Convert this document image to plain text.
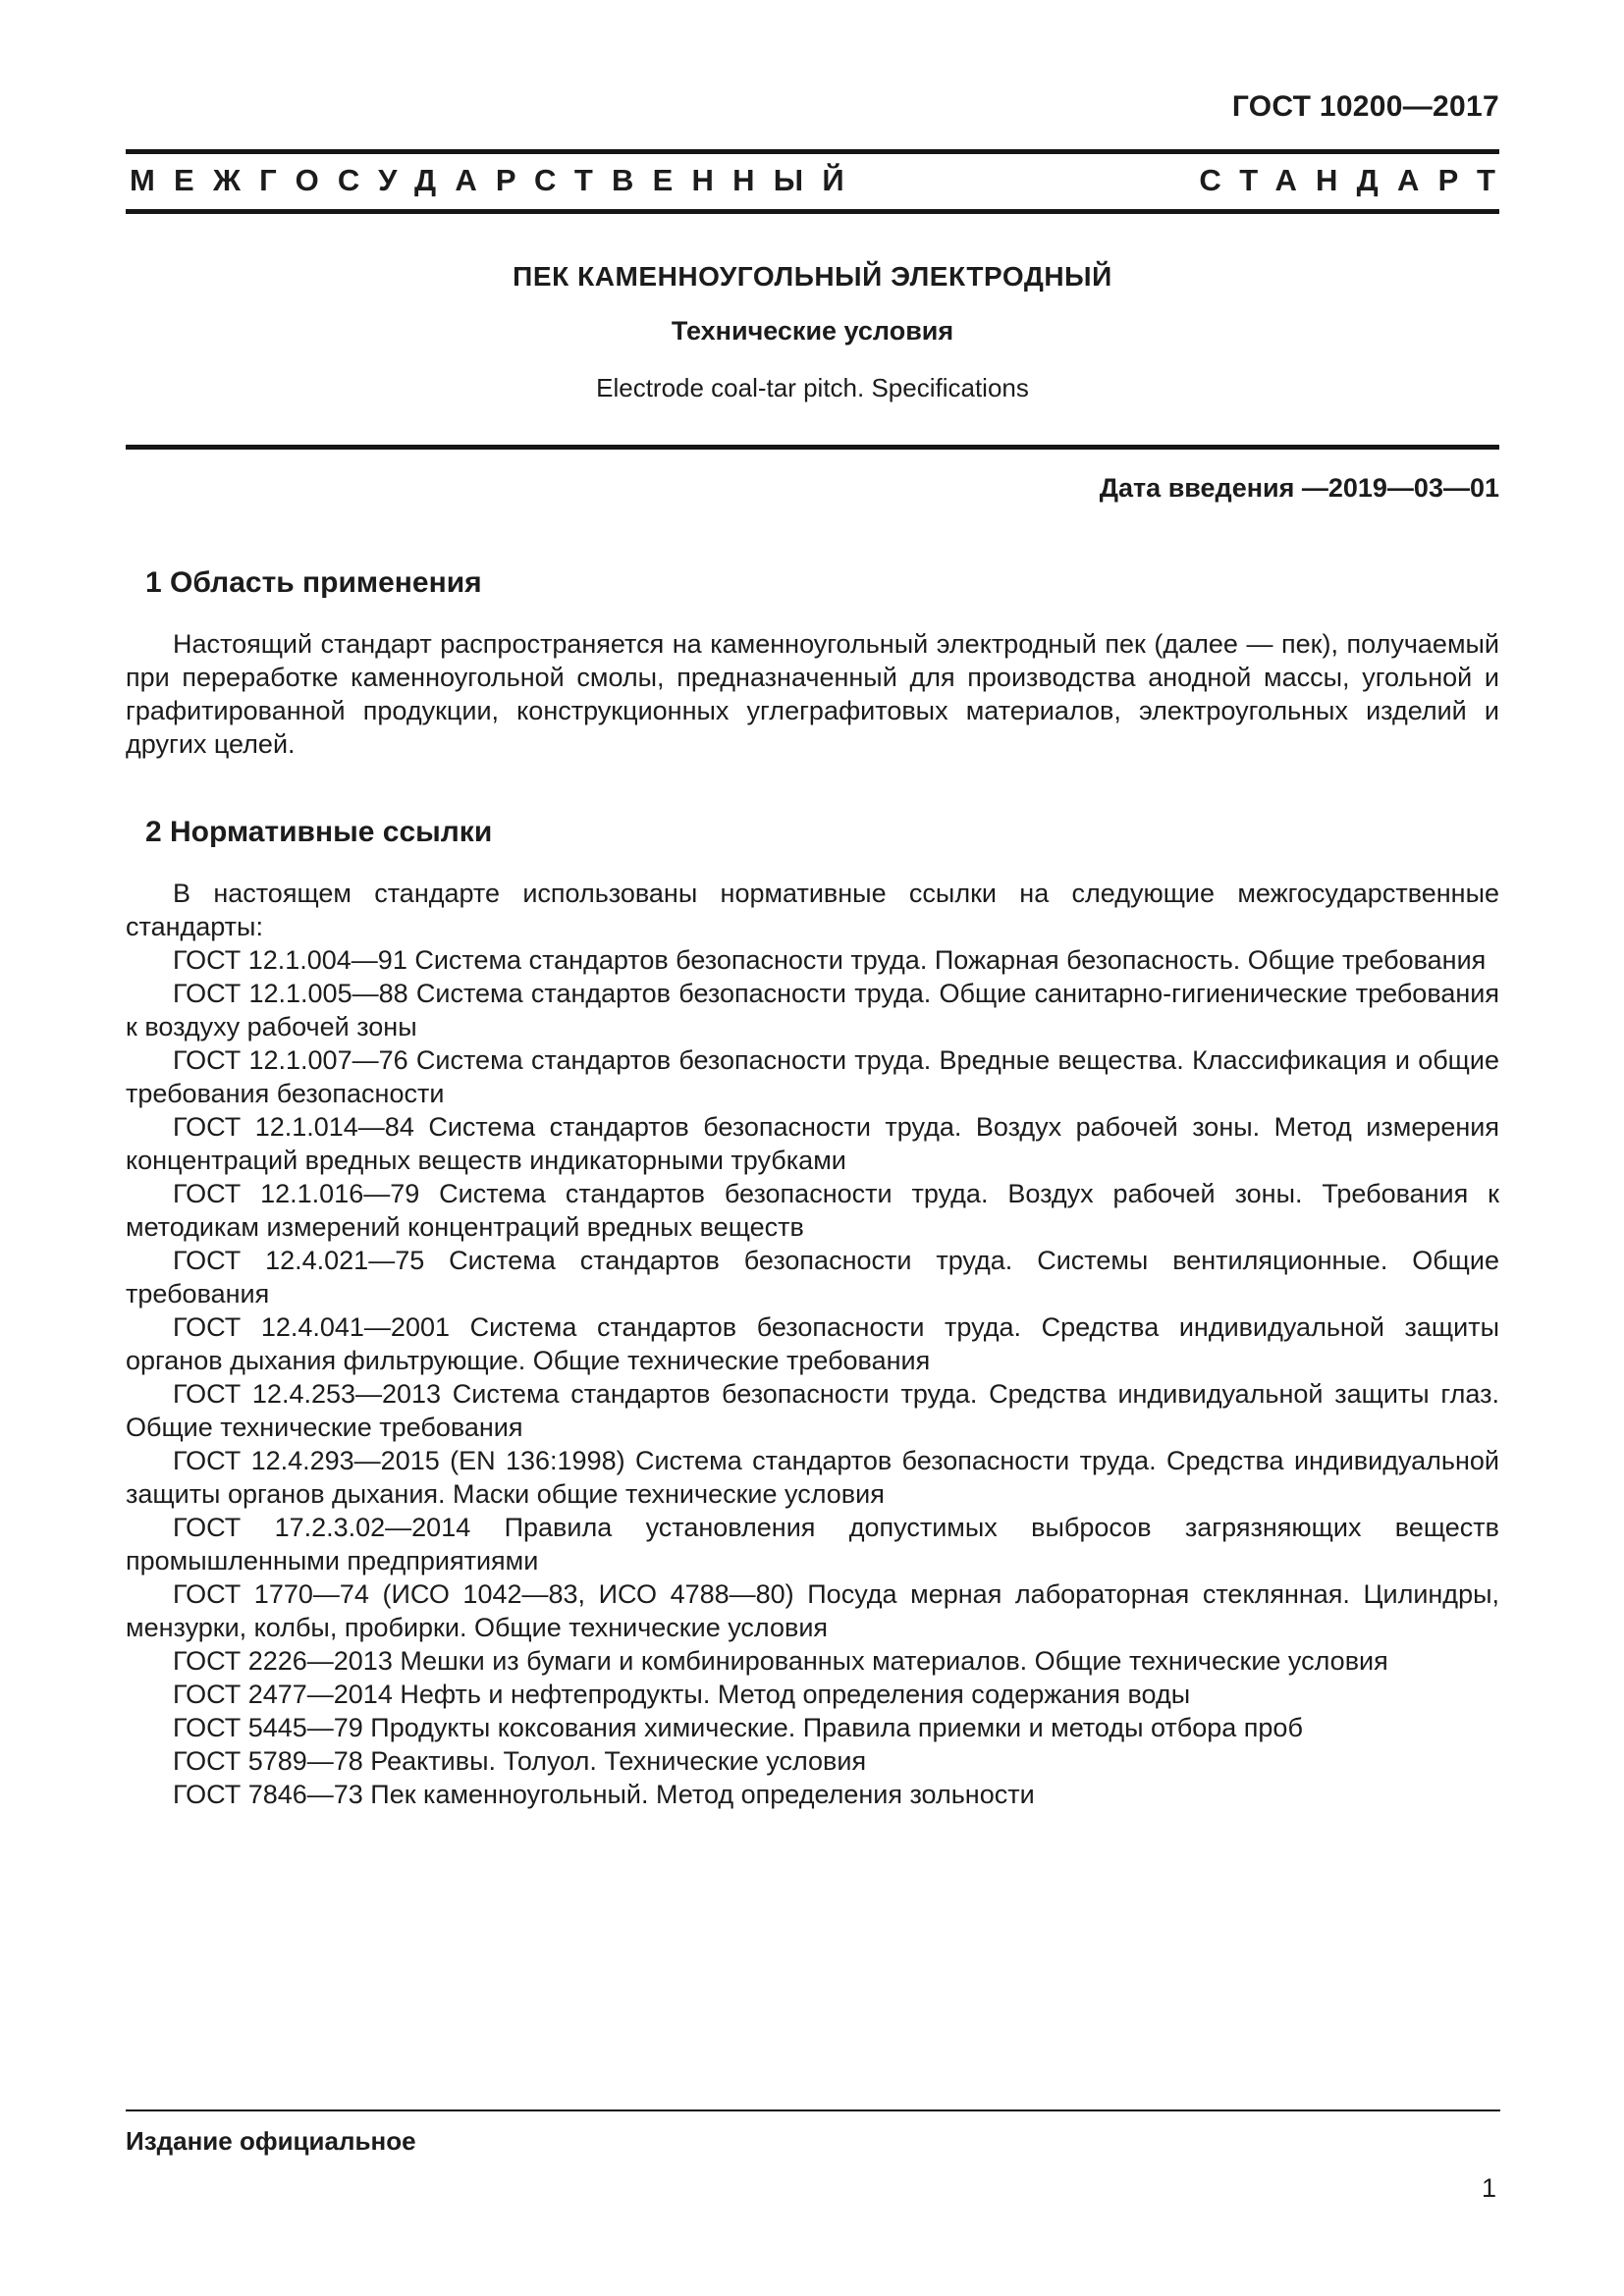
ГОСТ 10200—2017
МЕЖГОСУДАРСТВЕННЫЙ	СТАНДАРТ
ПЕК КАМЕННОУГОЛЬНЫЙ ЭЛЕКТРОДНЫЙ
Технические условия
Electrode coal-tar pitch. Specifications
Дата введения —2019—03—01
1 Область применения

Настоящий стандарт распространяется на каменноугольный электродный пек (далее — пек), получаемый при переработке каменноугольной смолы, предназначенный для производства анодной массы, угольной и графитированной продукции, конструкционных углеграфитовых материалов, электроугольных изделий и других целей.

2 Нормативные ссылки

В настоящем стандарте использованы нормативные ссылки на следующие межгосударственные стандарты:

ГОСТ 12.1.004—91 Система стандартов безопасности труда. Пожарная безопасность. Общие требования

ГОСТ 12.1.005—88 Система стандартов безопасности труда. Общие санитарно-гигиенические требования к воздуху рабочей зоны

ГОСТ 12.1.007—76 Система стандартов безопасности труда. Вредные вещества. Классификация и общие требования безопасности

ГОСТ 12.1.014—84 Система стандартов безопасности труда. Воздух рабочей зоны. Метод измерения концентраций вредных веществ индикаторными трубками

ГОСТ 12.1.016—79 Система стандартов безопасности труда. Воздух рабочей зоны. Требования к методикам измерений концентраций вредных веществ

ГОСТ 12.4.021—75 Система стандартов безопасности труда. Системы вентиляционные. Общие требования

ГОСТ 12.4.041—2001 Система стандартов безопасности труда. Средства индивидуальной защиты органов дыхания фильтрующие. Общие технические требования

ГОСТ 12.4.253—2013 Система стандартов безопасности труда. Средства индивидуальной защиты глаз. Общие технические требования

ГОСТ 12.4.293—2015 (EN 136:1998) Система стандартов безопасности труда. Средства индивидуальной защиты органов дыхания. Маски общие технические условия

ГОСТ 17.2.3.02—2014 Правила установления допустимых выбросов загрязняющих веществ промышленными предприятиями

ГОСТ 1770—74 (ИСО 1042—83, ИСО 4788—80) Посуда мерная лабораторная стеклянная. Цилиндры, мензурки, колбы, пробирки. Общие технические условия

ГОСТ 2226—2013 Мешки из бумаги и комбинированных материалов. Общие технические условия

ГОСТ 2477—2014 Нефть и нефтепродукты. Метод определения содержания воды

ГОСТ 5445—79 Продукты коксования химические. Правила приемки и методы отбора проб

ГОСТ 5789—78 Реактивы. Толуол. Технические условия

ГОСТ 7846—73 Пек каменноугольный. Метод определения зольности

Издание официальное
1
